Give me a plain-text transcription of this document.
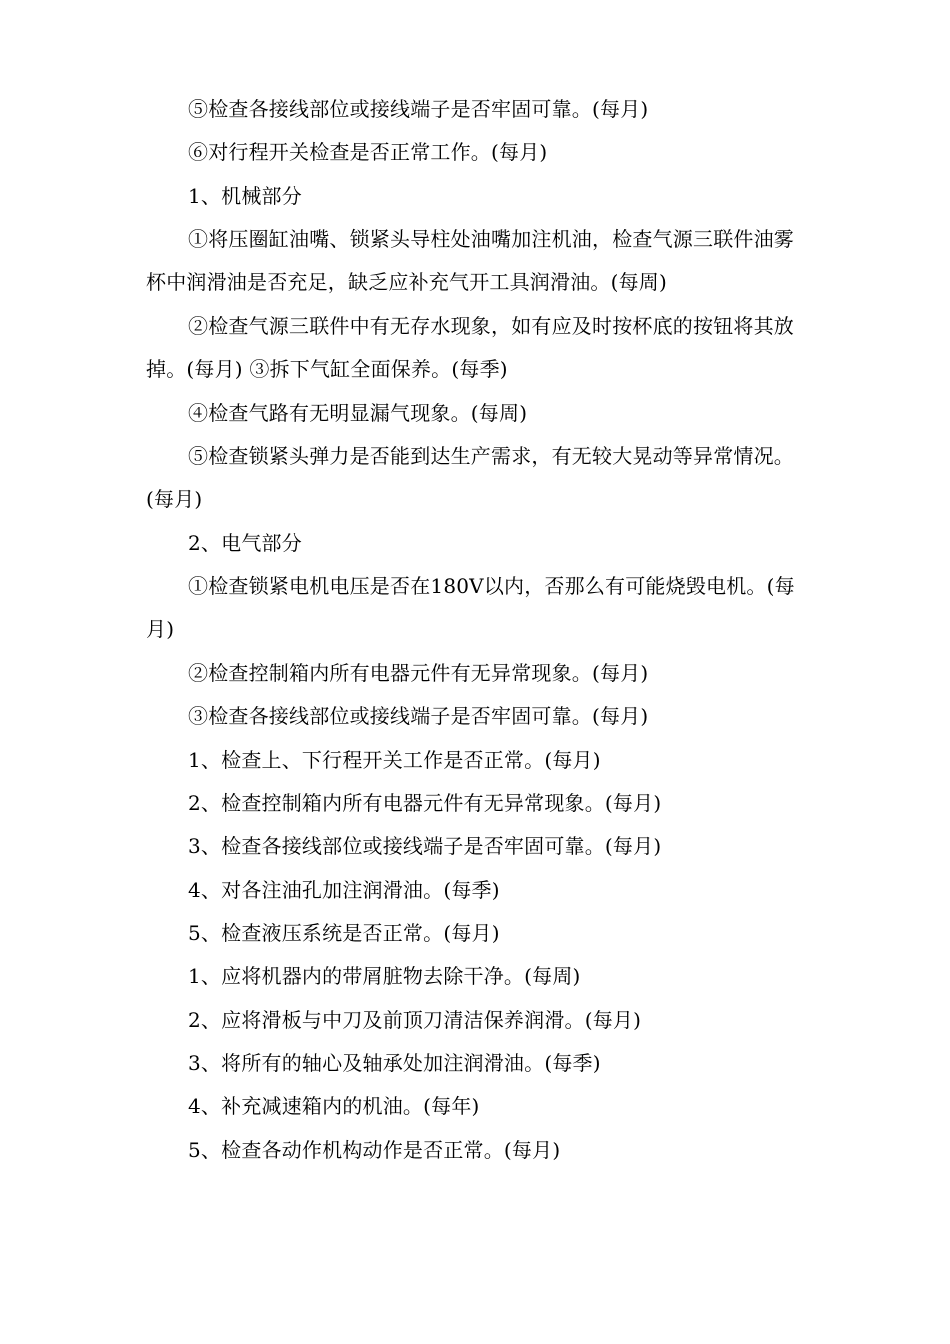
⑤检查各接线部位或接线端子是否牢固可靠。(每月)

⑥对行程开关检查是否正常工作。(每月)

1、机械部分

①将压圈缸油嘴、锁紧头导柱处油嘴加注机油，检查气源三联件油雾杯中润滑油是否充足，缺乏应补充气开工具润滑油。(每周)

②检查气源三联件中有无存水现象，如有应及时按杯底的按钮将其放掉。(每月) ③拆下气缸全面保养。(每季)

④检查气路有无明显漏气现象。(每周)

⑤检查锁紧头弹力是否能到达生产需求，有无较大晃动等异常情况。(每月)

2、电气部分

①检查锁紧电机电压是否在180V以内，否那么有可能烧毁电机。(每月)

②检查控制箱内所有电器元件有无异常现象。(每月)

③检查各接线部位或接线端子是否牢固可靠。(每月)

1、检查上、下行程开关工作是否正常。(每月)

2、检查控制箱内所有电器元件有无异常现象。(每月)

3、检查各接线部位或接线端子是否牢固可靠。(每月)

4、对各注油孔加注润滑油。(每季)

5、检查液压系统是否正常。(每月)

1、应将机器内的带屑脏物去除干净。(每周)

2、应将滑板与中刀及前顶刀清洁保养润滑。(每月)

3、将所有的轴心及轴承处加注润滑油。(每季)

4、补充减速箱内的机油。(每年)

5、检查各动作机构动作是否正常。(每月)
